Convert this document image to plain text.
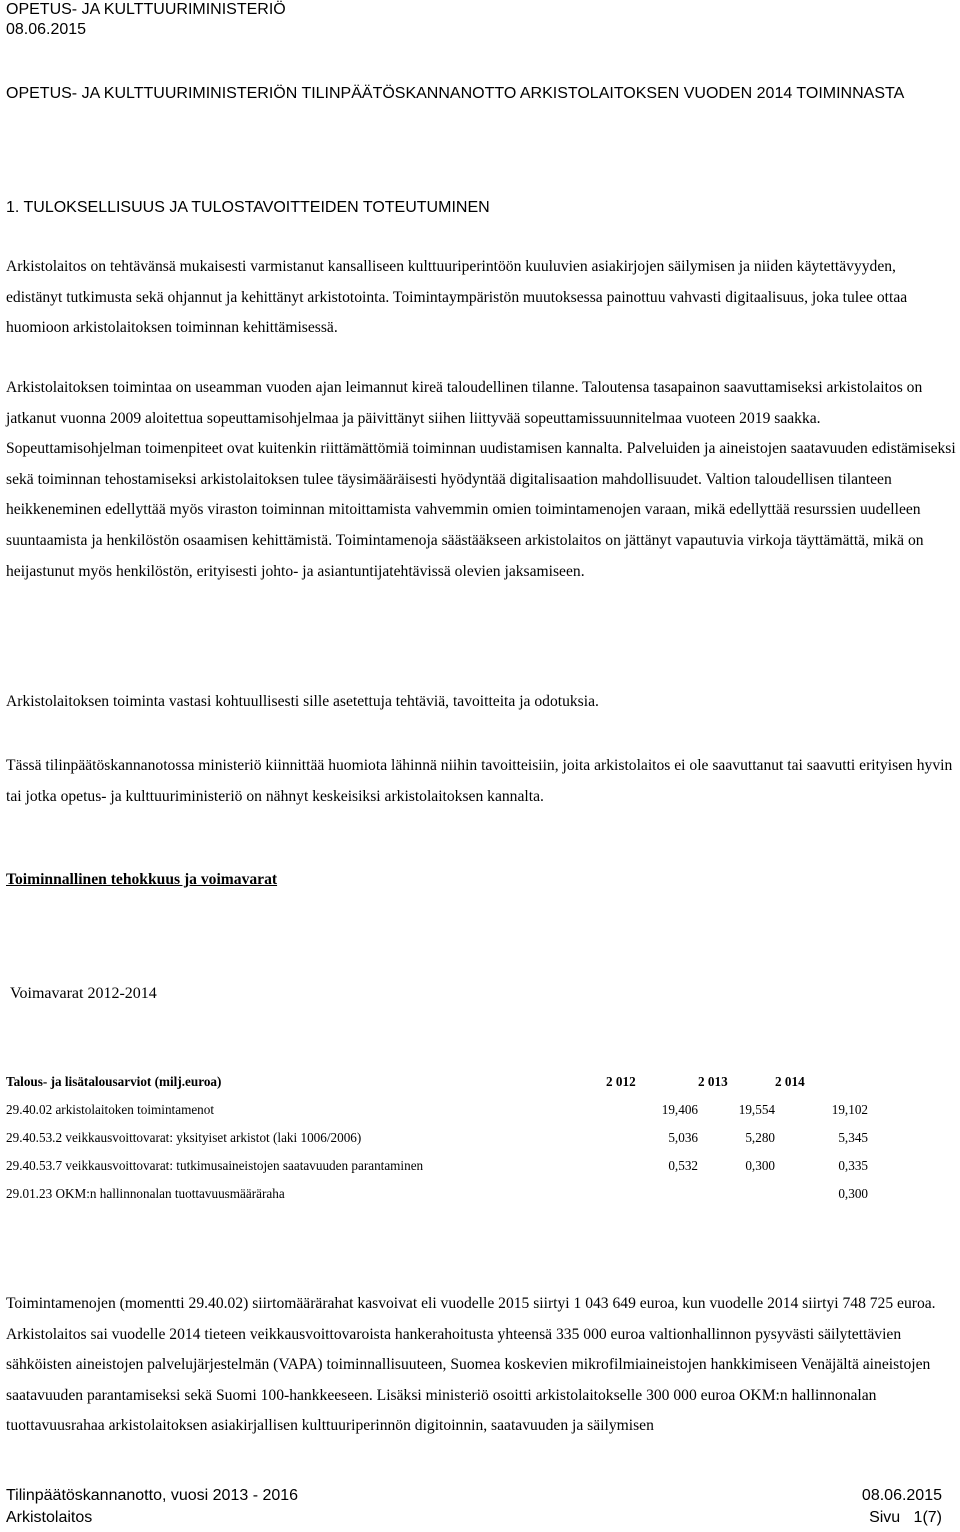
OPETUS- JA KULTTUURIMINISTERIÖ
08.06.2015
OPETUS- JA KULTTUURIMINISTERIÖN TILINPÄÄTÖSKANNANOTTO ARKISTOLAITOKSEN VUODEN 2014 TOIMINNASTA
1. TULOKSELLISUUS JA TULOSTAVOITTEIDEN TOTEUTUMINEN
Arkistolaitos on tehtävänsä mukaisesti varmistanut kansalliseen kulttuuriperintöön kuuluvien asiakirjojen säilymisen ja niiden käytettävyyden, edistänyt tutkimusta sekä ohjannut ja kehittänyt arkistotointa. Toimintaympäristön muutoksessa painottuu vahvasti digitaalisuus, joka tulee ottaa huomioon arkistolaitoksen toiminnan kehittämisessä.
Arkistolaitoksen toimintaa on useamman vuoden ajan leimannut kireä taloudellinen tilanne. Taloutensa tasapainon saavuttamiseksi arkistolaitos on jatkanut vuonna 2009 aloitettua sopeuttamisohjelmaa ja päivittänyt siihen liittyvää sopeuttamissuunnitelmaa vuoteen 2019 saakka. Sopeuttamisohjelman toimenpiteet ovat kuitenkin riittämättömiä toiminnan uudistamisen kannalta. Palveluiden ja aineistojen saatavuuden edistämiseksi sekä toiminnan tehostamiseksi arkistolaitoksen tulee täysimääräisesti hyödyntää digitalisaation mahdollisuudet. Valtion taloudellisen tilanteen heikkeneminen edellyttää myös viraston toiminnan mitoittamista vahvemmin omien toimintamenojen varaan, mikä edellyttää resurssien uudelleen suuntaamista ja henkilöstön osaamisen kehittämistä. Toimintamenoja säästääkseen arkistolaitos on jättänyt vapautuvia virkoja täyttämättä, mikä on heijastunut myös henkilöstön, erityisesti johto- ja asiantuntijatehtävissä olevien jaksamiseen.
Arkistolaitoksen toiminta vastasi kohtuullisesti sille asetettuja tehtäviä, tavoitteita ja odotuksia.
Tässä tilinpäätöskannanotossa ministeriö kiinnittää huomiota lähinnä niihin tavoitteisiin, joita arkistolaitos ei ole saavuttanut tai saavutti erityisen hyvin tai jotka opetus- ja kulttuuriministeriö on nähnyt keskeisiksi arkistolaitoksen kannalta.
Toiminnallinen tehokkuus ja voimavarat
Voimavarat 2012-2014
Talous- ja lisätalousarviot (milj.euroa)	2 012	2 013	2 014
29.40.02 arkistolaitoken toimintamenot	19,406	19,554	19,102
29.40.53.2 veikkausvoittovarat: yksityiset arkistot (laki 1006/2006)	5,036	5,280	5,345
29.40.53.7 veikkausvoittovarat: tutkimusaineistojen saatavuuden parantaminen	0,532	0,300	0,335
29.01.23 OKM:n hallinnonalan tuottavuusmääräraha			0,300
Toimintamenojen (momentti 29.40.02) siirtomäärärahat kasvoivat eli vuodelle 2015 siirtyi 1 043 649 euroa, kun vuodelle 2014 siirtyi 748 725 euroa. Arkistolaitos sai vuodelle 2014 tieteen veikkausvoittovaroista hankerahoitusta yhteensä 335 000 euroa valtionhallinnon pysyvästi säilytettävien sähköisten aineistojen palvelujärjestelmän (VAPA) toiminnallisuuteen, Suomea koskevien mikrofilmiaineistojen hankkimiseen Venäjältä aineistojen saatavuuden parantamiseksi sekä Suomi 100-hankkeeseen. Lisäksi ministeriö osoitti arkistolaitokselle 300 000 euroa OKM:n hallinnonalan tuottavuusrahaa arkistolaitoksen asiakirjallisen kulttuuriperinnön digitoinnin, saatavuuden ja säilymisen
Tilinpäätöskannanotto, vuosi 2013 - 2016
Arkistolaitos
08.06.2015
Sivu   1(7)
